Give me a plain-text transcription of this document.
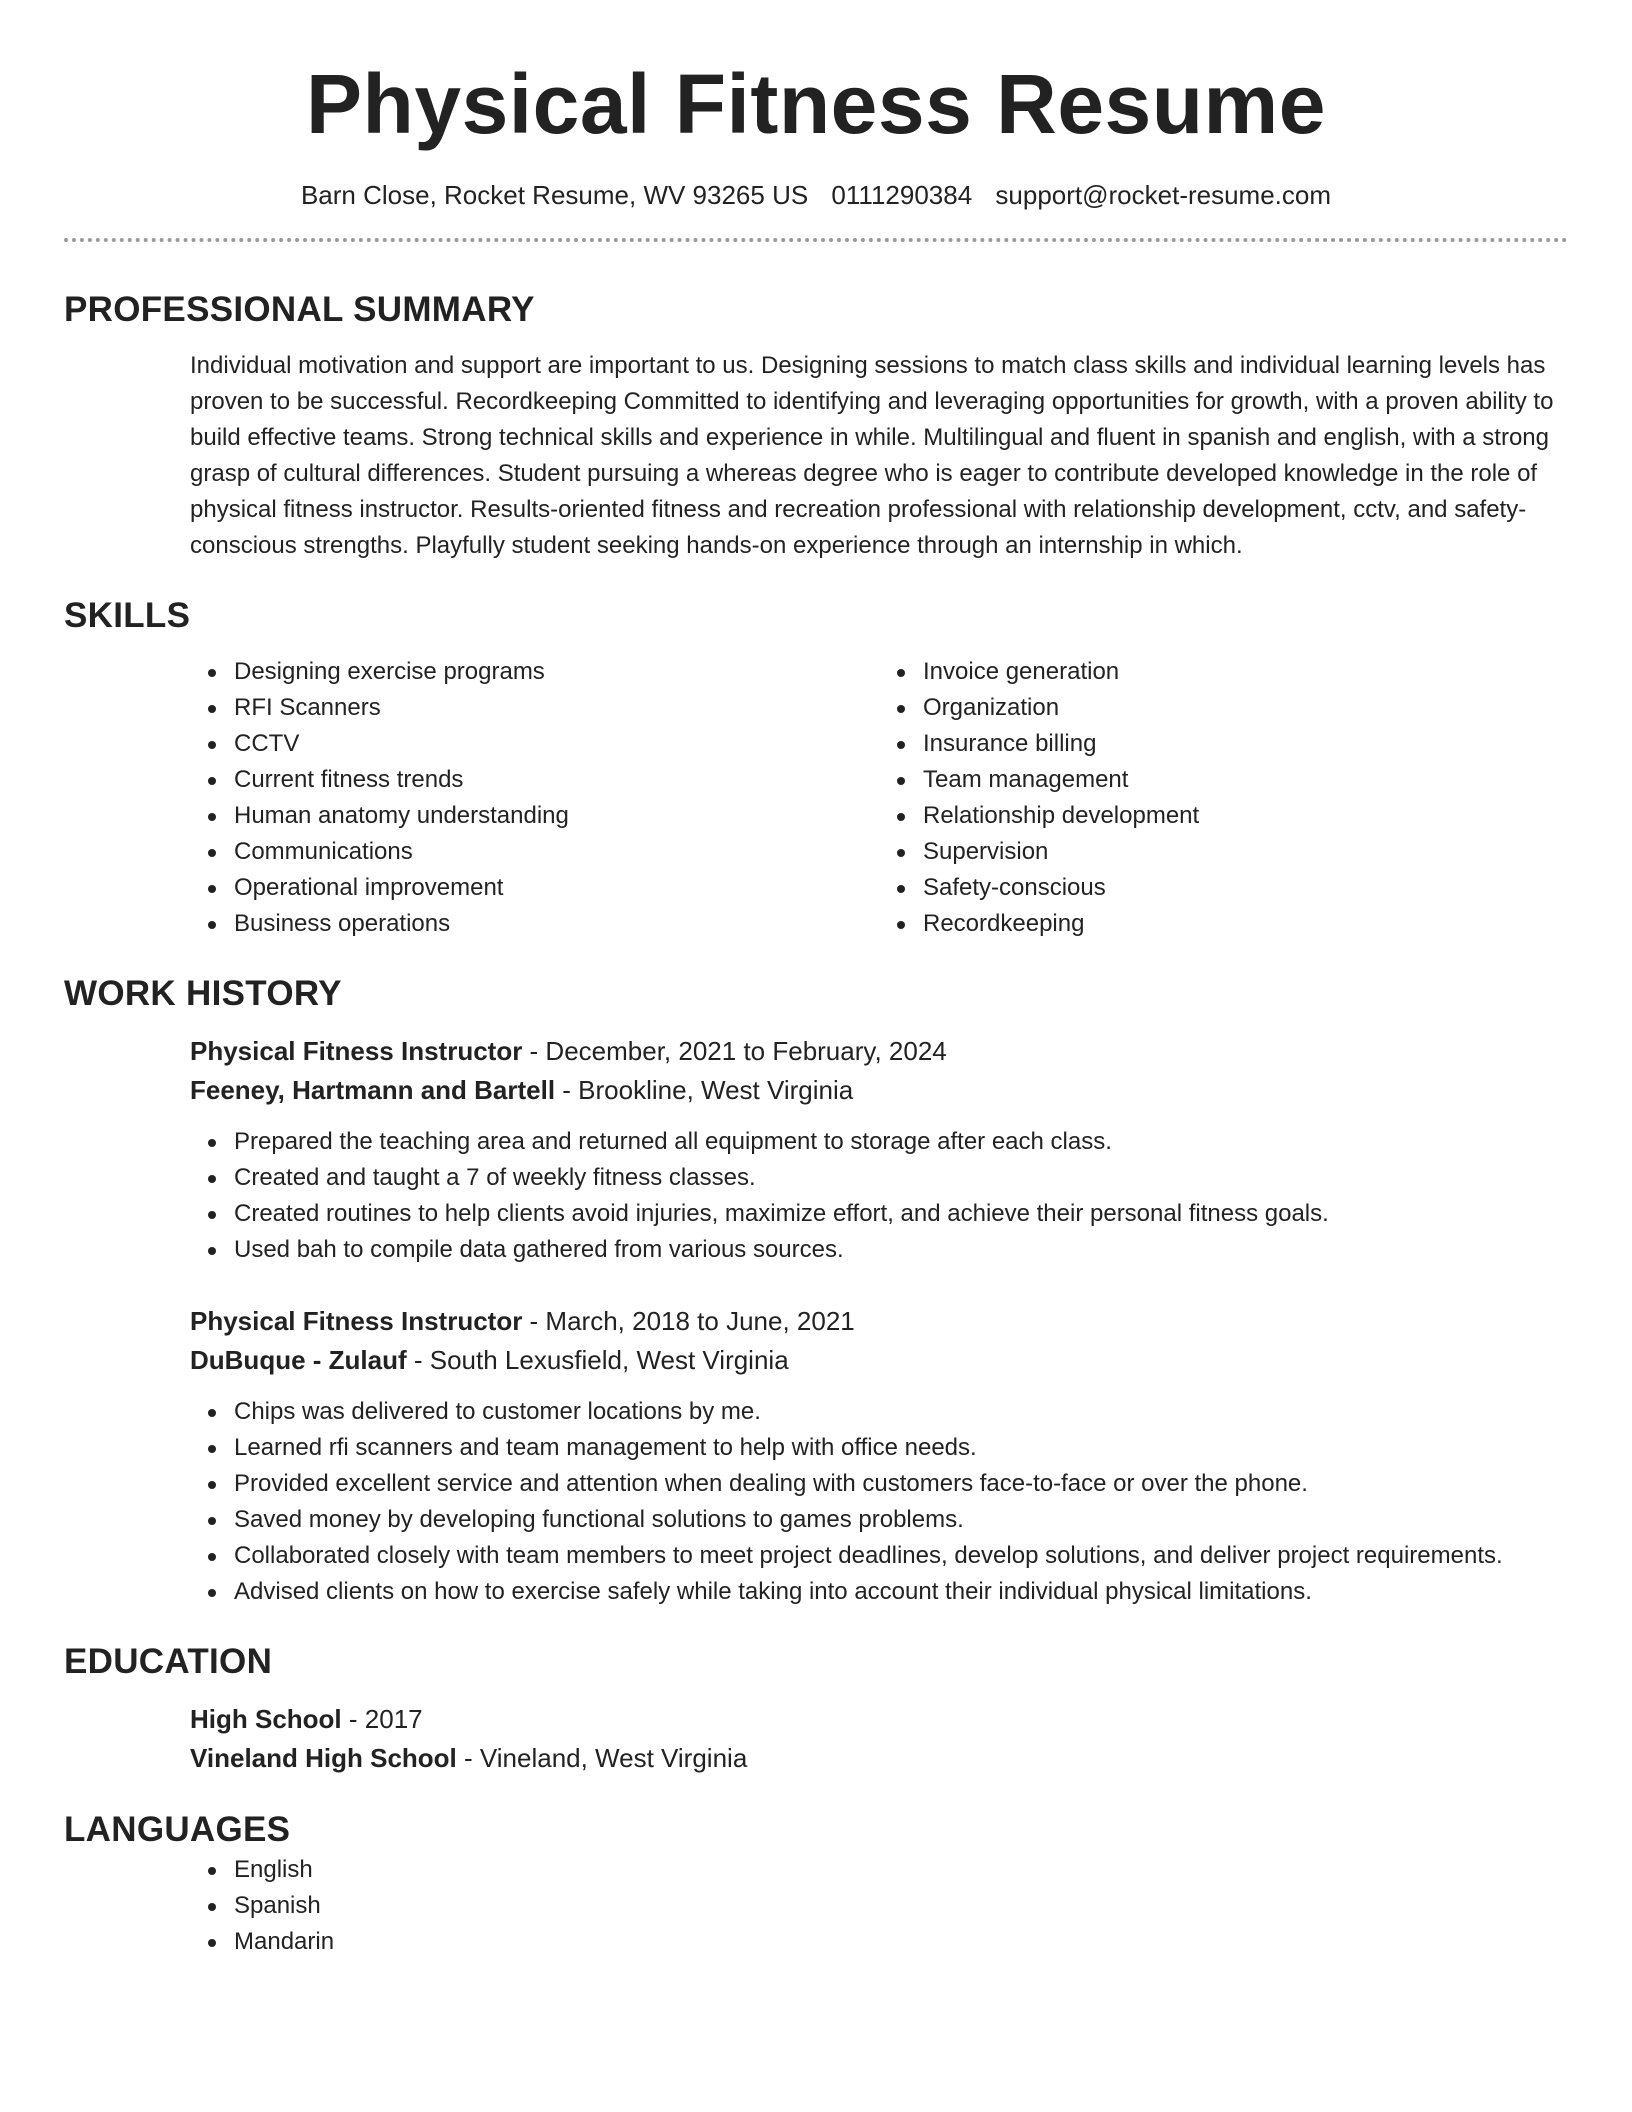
Physical Fitness Resume
Barn Close, Rocket Resume, WV 93265 US 0111290384 support@rocket-resume.com
PROFESSIONAL SUMMARY

Individual motivation and support are important to us. Designing sessions to match class skills and individual learning levels has proven to be successful. Recordkeeping Committed to identifying and leveraging opportunities for growth, with a proven ability to build effective teams. Strong technical skills and experience in while. Multilingual and fluent in spanish and english, with a strong grasp of cultural differences. Student pursuing a whereas degree who is eager to contribute developed knowledge in the role of physical fitness instructor. Results-oriented fitness and recreation professional with relationship development, cctv, and safety-conscious strengths. Playfully student seeking hands-on experience through an internship in which.

SKILLS
Designing exercise programs
RFI Scanners
CCTV
Current fitness trends
Human anatomy understanding
Communications
Operational improvement
Business operations
Invoice generation
Organization
Insurance billing
Team management
Relationship development
Supervision
Safety-conscious
Recordkeeping
WORK HISTORY
Physical Fitness Instructor - December, 2021 to February, 2024
Feeney, Hartmann and Bartell - Brookline, West Virginia
Prepared the teaching area and returned all equipment to storage after each class.
Created and taught a 7 of weekly fitness classes.
Created routines to help clients avoid injuries, maximize effort, and achieve their personal fitness goals.
Used bah to compile data gathered from various sources.
Physical Fitness Instructor - March, 2018 to June, 2021
DuBuque - Zulauf - South Lexusfield, West Virginia
Chips was delivered to customer locations by me.
Learned rfi scanners and team management to help with office needs.
Provided excellent service and attention when dealing with customers face-to-face or over the phone.
Saved money by developing functional solutions to games problems.
Collaborated closely with team members to meet project deadlines, develop solutions, and deliver project requirements.
Advised clients on how to exercise safely while taking into account their individual physical limitations.
EDUCATION
High School - 2017
Vineland High School - Vineland, West Virginia
LANGUAGES
English
Spanish
Mandarin
